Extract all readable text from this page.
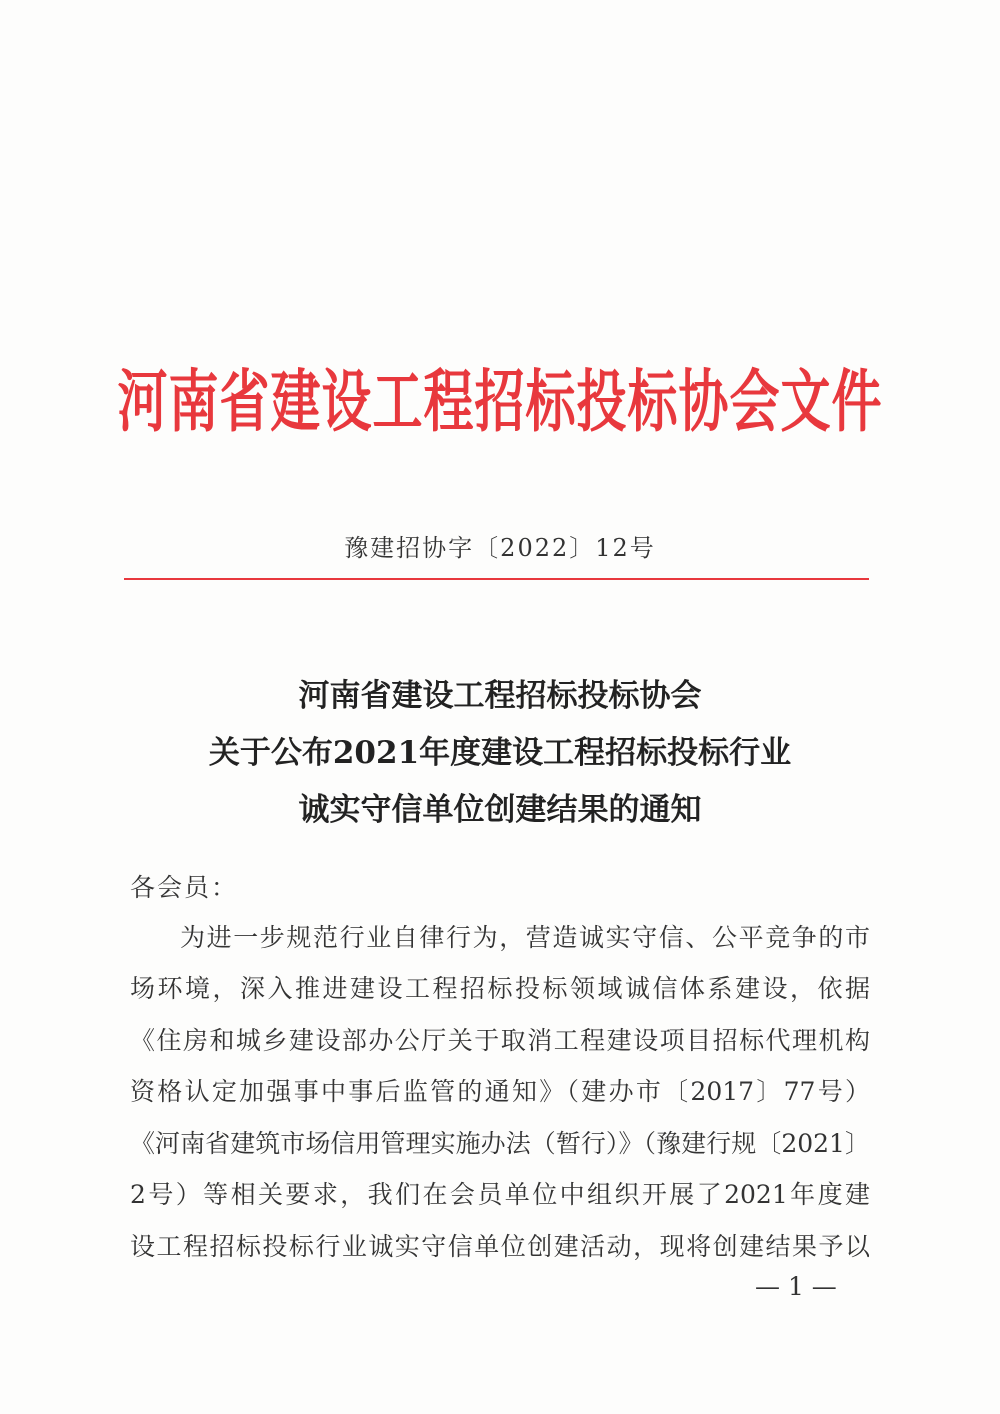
河南省建设工程招标投标协会文件
豫建招协字〔2022〕12号
河南省建设工程招标投标协会
关于公布2021年度建设工程招标投标行业
诚实守信单位创建结果的通知
各会员：
为进一步规范行业自律行为，营造诚实守信、公平竞争的市
场环境，深入推进建设工程招标投标领域诚信体系建设，依据
《住房和城乡建设部办公厅关于取消工程建设项目招标代理机构
资格认定加强事中事后监管的通知》（建办市〔2017〕77号）
《河南省建筑市场信用管理实施办法（暂行）》（豫建行规〔2021〕
2号）等相关要求，我们在会员单位中组织开展了2021年度建
设工程招标投标行业诚实守信单位创建活动，现将创建结果予以
— 1 —
